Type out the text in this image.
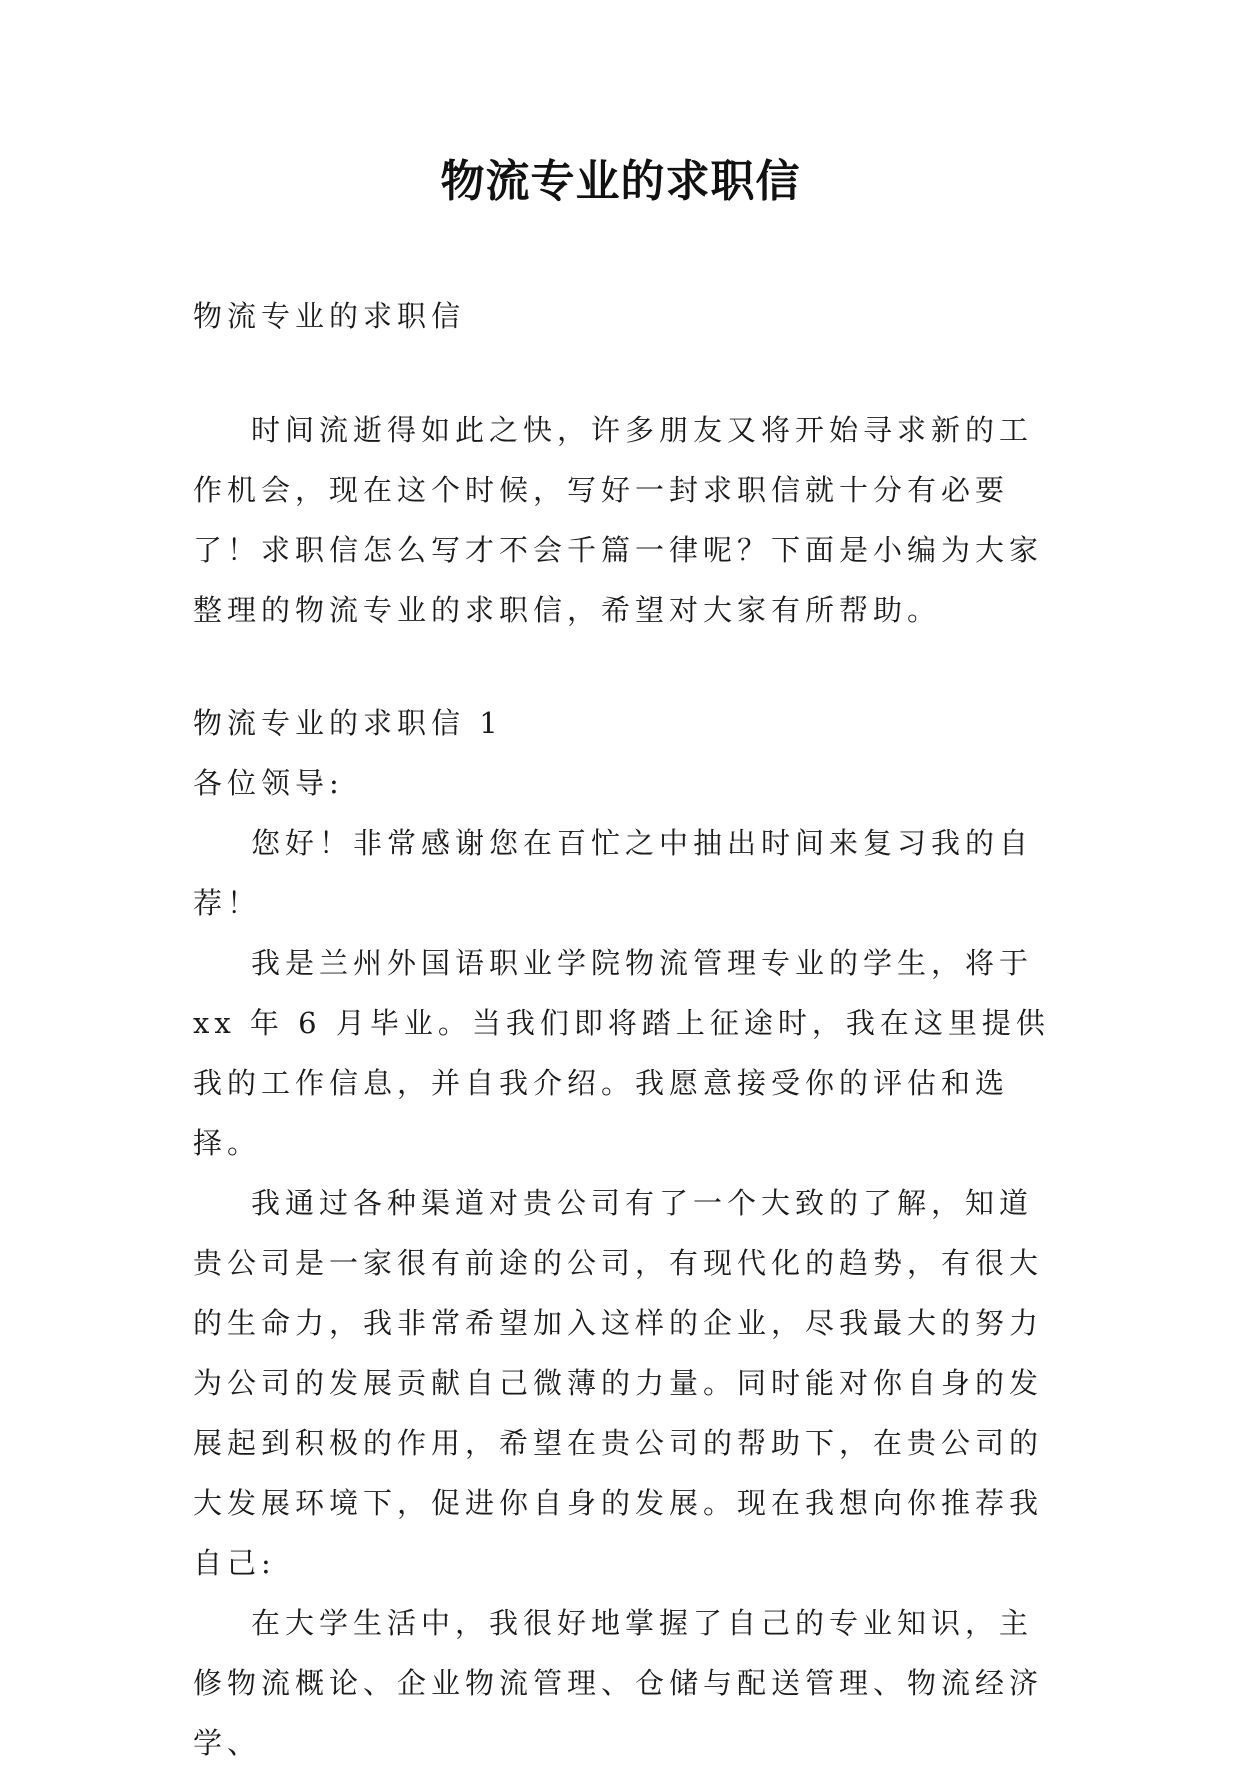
物流专业的求职信

物流专业的求职信

时间流逝得如此之快，许多朋友又将开始寻求新的工作机会，现在这个时候，写好一封求职信就十分有必要了！求职信怎么写才不会千篇一律呢？下面是小编为大家整理的物流专业的求职信，希望对大家有所帮助。

物流专业的求职信 1

各位领导:

您好！非常感谢您在百忙之中抽出时间来复习我的自荐！

我是兰州外国语职业学院物流管理专业的学生，将于 xx 年 6 月毕业。当我们即将踏上征途时，我在这里提供我的工作信息，并自我介绍。我愿意接受你的评估和选择。

我通过各种渠道对贵公司有了一个大致的了解，知道贵公司是一家很有前途的公司，有现代化的趋势，有很大的生命力，我非常希望加入这样的企业，尽我最大的努力为公司的发展贡献自己微薄的力量。同时能对你自身的发展起到积极的作用，希望在贵公司的帮助下，在贵公司的大发展环境下，促进你自身的发展。现在我想向你推荐我自己:

在大学生活中，我很好地掌握了自己的专业知识，主修物流概论、企业物流管理、仓储与配送管理、物流经济学、
